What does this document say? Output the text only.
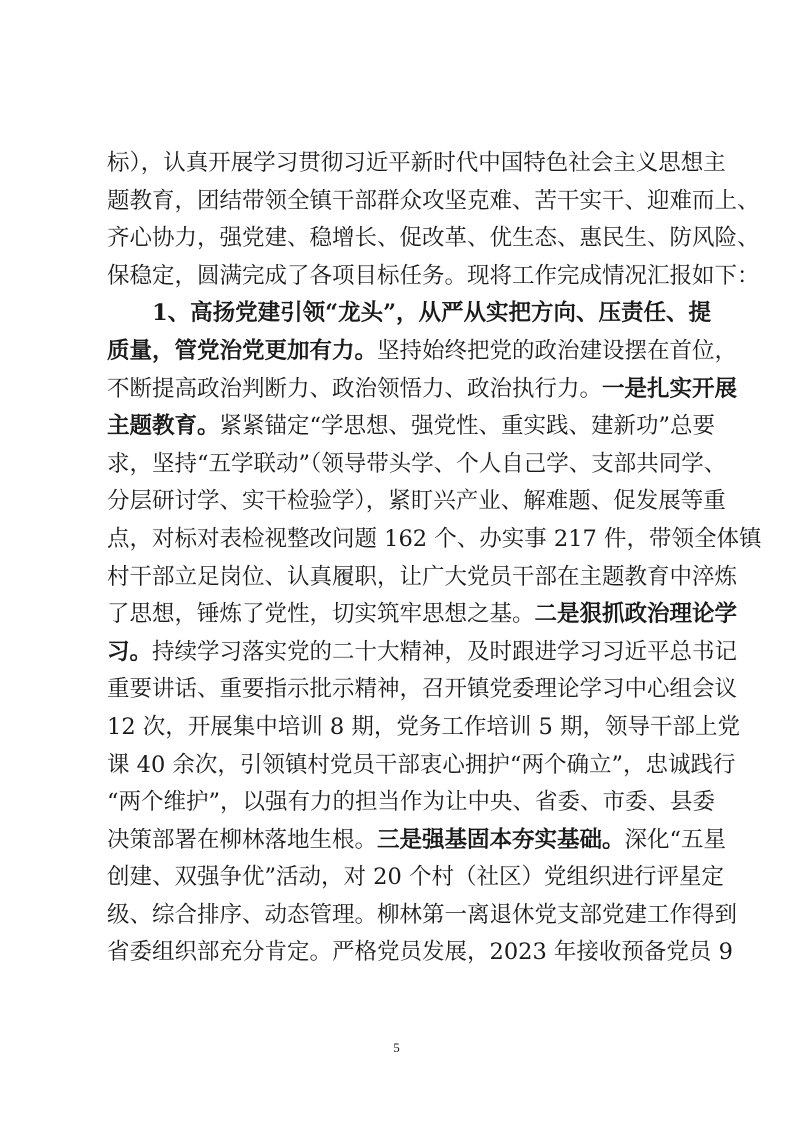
标），认真开展学习贯彻习近平新时代中国特色社会主义思想主
题教育，团结带领全镇干部群众攻坚克难、苦干实干、迎难而上、
齐心协力，强党建、稳增长、促改革、优生态、惠民生、防风险、
保稳定，圆满完成了各项目标任务。现将工作完成情况汇报如下：
1、高扬党建引领“龙头”，从严从实把方向、压责任、提
质量，管党治党更加有力。坚持始终把党的政治建设摆在首位，
不断提高政治判断力、政治领悟力、政治执行力。一是扎实开展
主题教育。紧紧锚定“学思想、强党性、重实践、建新功”总要
求，坚持“五学联动”（领导带头学、个人自己学、支部共同学、
分层研讨学、实干检验学），紧盯兴产业、解难题、促发展等重
点，对标对表检视整改问题 162 个、办实事 217 件，带领全体镇
村干部立足岗位、认真履职，让广大党员干部在主题教育中淬炼
了思想，锤炼了党性，切实筑牢思想之基。二是狠抓政治理论学
习。持续学习落实党的二十大精神，及时跟进学习习近平总书记
重要讲话、重要指示批示精神，召开镇党委理论学习中心组会议
12 次，开展集中培训 8 期，党务工作培训 5 期，领导干部上党
课 40 余次，引领镇村党员干部衷心拥护“两个确立”，忠诚践行
“两个维护”，以强有力的担当作为让中央、省委、市委、县委
决策部署在柳林落地生根。三是强基固本夯实基础。深化“五星
创建、双强争优”活动，对 20 个村（社区）党组织进行评星定
级、综合排序、动态管理。柳林第一离退休党支部党建工作得到
省委组织部充分肯定。严格党员发展，2023 年接收预备党员 9
5
